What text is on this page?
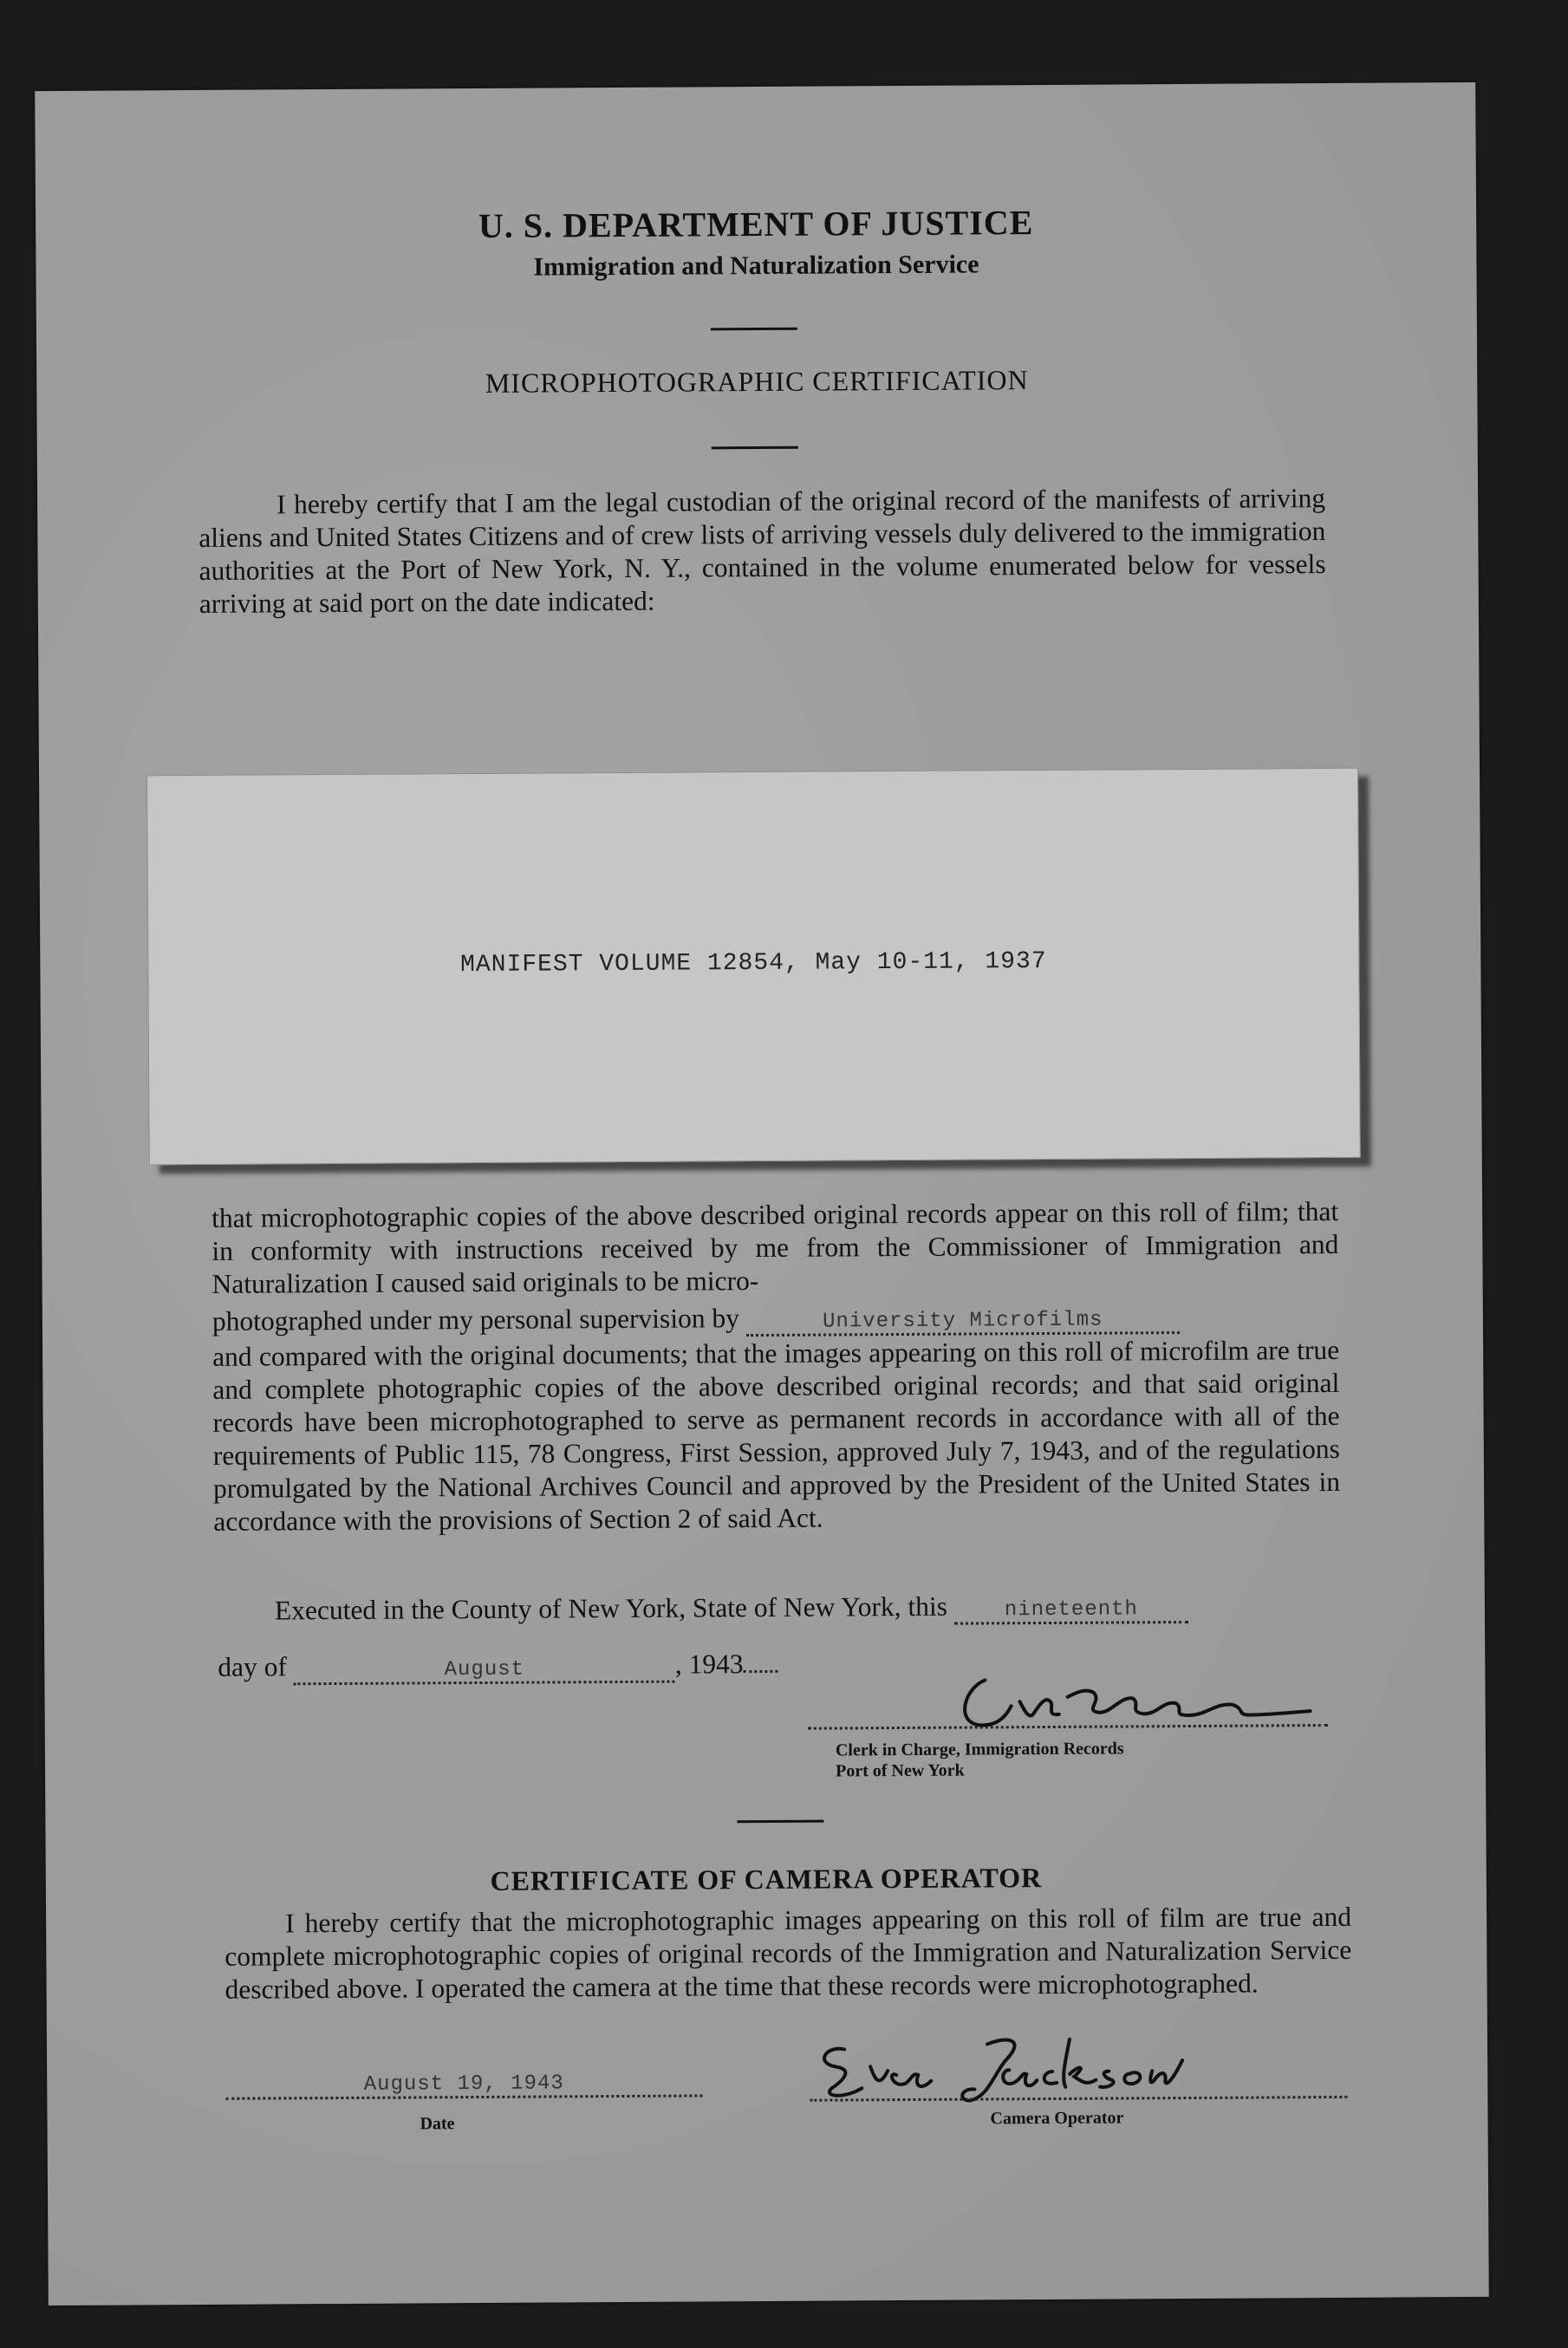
U. S. DEPARTMENT OF JUSTICE
Immigration and Naturalization Service
MICROPHOTOGRAPHIC CERTIFICATION
I hereby certify that I am the legal custodian of the original record of the manifests of arriving aliens and United States Citizens and of crew lists of arriving vessels duly delivered to the immigration authorities at the Port of New York, N. Y., contained in the volume enumerated below for vessels arriving at said port on the date indicated:
MANIFEST VOLUME 12854, May 10-11, 1937
that microphotographic copies of the above described original records appear on this roll of film; that in conformity with instructions received by me from the Commissioner of Immigration and Naturalization I caused said originals to be micro-
photographed under my personal supervision by	University Microfilms
and compared with the original documents; that the images appearing on this roll of microfilm are true and complete photographic copies of the above described original records; and that said original records have been microphotographed to serve as permanent records in accordance with all of the requirements of Public 115, 78 Congress, First Session, approved July 7, 1943, and of the regulations promulgated by the National Archives Council and approved by the President of the United States in accordance with the provisions of Section 2 of said Act.
Executed in the County of New York, State of New York, this	nineteenth
day of	August	, 1943
Clerk in Charge, Immigration Records
Port of New York
CERTIFICATE OF CAMERA OPERATOR
I hereby certify that the microphotographic images appearing on this roll of film are true and complete microphotographic copies of original records of the Immigration and Naturalization Service described above. I operated the camera at the time that these records were microphotographed.
August 19, 1943
Date	Camera Operator
